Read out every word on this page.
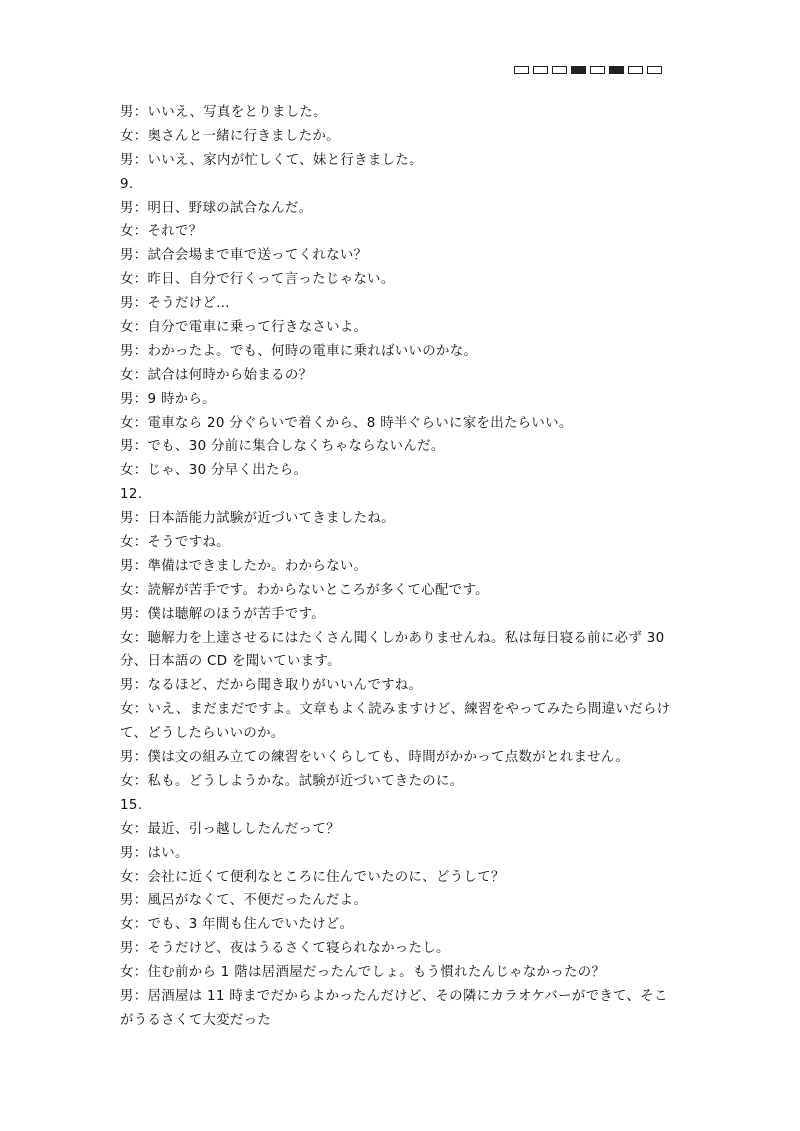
男：いいえ、写真をとりました。
女：奥さんと一緒に行きましたか。
男：いいえ、家内が忙しくて、妹と行きました。
9.
男：明日、野球の試合なんだ。
女：それで？
男：試合会場まで車で送ってくれない？
女：昨日、自分で行くって言ったじゃない。
男：そうだけど…
女：自分で電車に乗って行きなさいよ。
男：わかったよ。でも、何時の電車に乗ればいいのかな。
女：試合は何時から始まるの？
男：9 時から。
女：電車なら 20 分ぐらいで着くから、8 時半ぐらいに家を出たらいい。
男：でも、30 分前に集合しなくちゃならないんだ。
女：じゃ、30 分早く出たら。
12.
男：日本語能力試験が近づいてきましたね。
女：そうですね。
男：準備はできましたか。わからない。
女：読解が苦手です。わからないところが多くて心配です。
男：僕は聴解のほうが苦手です。
女：聴解力を上達させるにはたくさん聞くしかありませんね。私は毎日寝る前に必ず 30
分、日本語の CD を聞いています。
男：なるほど、だから聞き取りがいいんですね。
女：いえ、まだまだですよ。文章もよく読みますけど、練習をやってみたら間違いだらけ
て、どうしたらいいのか。
男：僕は文の組み立ての練習をいくらしても、時間がかかって点数がとれません。
女：私も。どうしようかな。試験が近づいてきたのに。
15.
女：最近、引っ越ししたんだって？
男：はい。
女：会社に近くて便利なところに住んでいたのに、どうして？
男：風呂がなくて、不便だったんだよ。
女：でも、3 年間も住んでいたけど。
男：そうだけど、夜はうるさくて寝られなかったし。
女：住む前から 1 階は居酒屋だったんでしょ。もう慣れたんじゃなかったの？
男：居酒屋は 11 時までだからよかったんだけど、その隣にカラオケバーができて、そこ
がうるさくて大変だった
